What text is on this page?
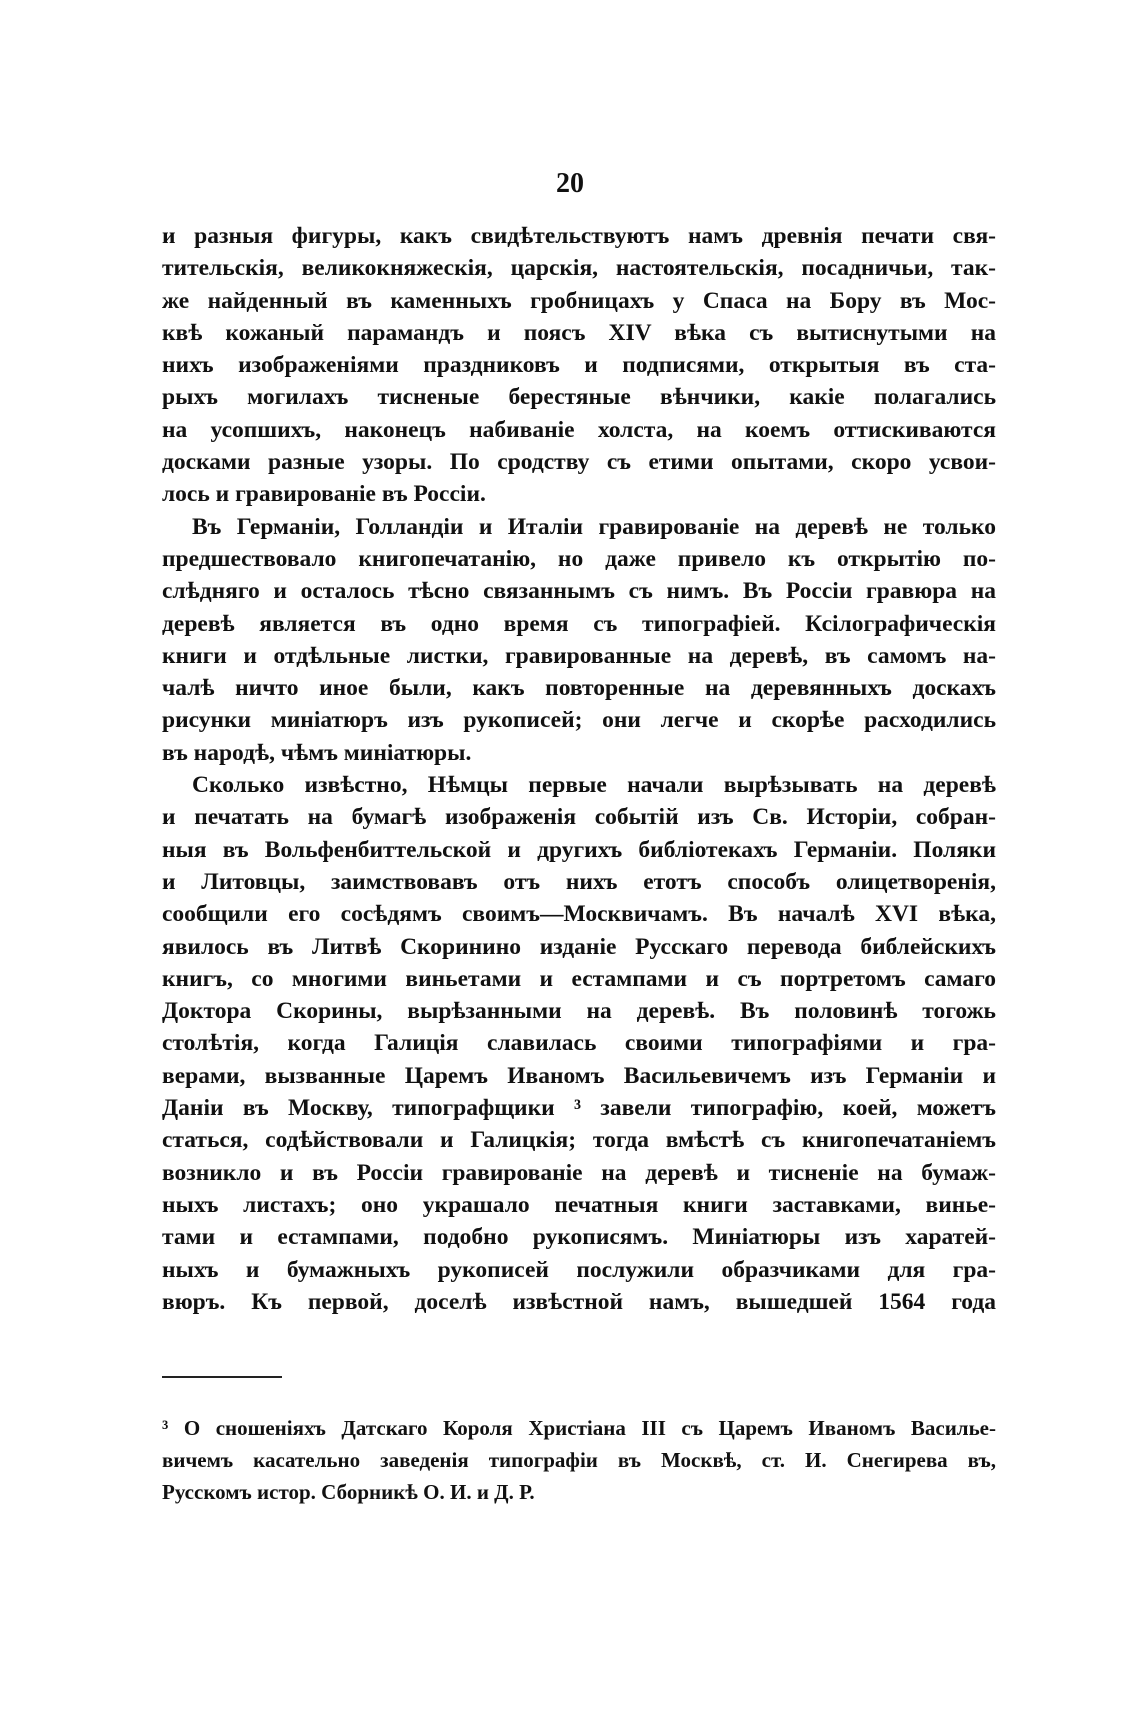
20
и разныя фигуры, какъ свидѣтельствуютъ намъ древнія печати свя-
тительскія, великокняжескія, царскія, настоятельскія, посадничьи, так-
же найденный въ каменныхъ гробницахъ у Спаса на Бору въ Мос-
квѣ кожаный парамандъ и поясъ XIV вѣка съ вытиснутыми на
нихъ изображеніями праздниковъ и подписями, открытыя въ ста-
рыхъ могилахъ тисненые берестяные вѣнчики, какіе полагались
на усопшихъ, наконецъ набиваніе холста, на коемъ оттискиваются
досками разные узоры. По сродству съ етими опытами, скоро усвои-
лось и гравированіе въ Россіи.
Въ Германіи, Голландіи и Италіи гравированіе на деревѣ не только
предшествовало книгопечатанію, но даже привело къ открытію по-
слѣдняго и осталось тѣсно связаннымъ съ нимъ. Въ Россіи гравюра на
деревѣ является въ одно время съ типографіей. Ксілографическія
книги и отдѣльные листки, гравированные на деревѣ, въ самомъ на-
чалѣ ничто иное были, какъ повторенные на деревянныхъ доскахъ
рисунки миніатюръ изъ рукописей; они легче и скорѣе расходились
въ народѣ, чѣмъ миніатюры.
Сколько извѣстно, Нѣмцы первые начали вырѣзывать на деревѣ
и печатать на бумагѣ изображенія событій изъ Св. Исторіи, собран-
ныя въ Вольфенбиттельской и другихъ библіотекахъ Германіи. Поляки
и Литовцы, заимствовавъ отъ нихъ етотъ способъ олицетворенія,
сообщили его сосѣдямъ своимъ—Москвичамъ. Въ началѣ XVI вѣка,
явилось въ Литвѣ Скоринино изданіе Русскаго перевода библейскихъ
книгъ, со многими виньетами и естампами и съ портретомъ самаго
Доктора Скорины, вырѣзанными на деревѣ. Въ половинѣ тогожь
столѣтія, когда Галиція славилась своими типографіями и гра-
верами, вызванные Царемъ Иваномъ Васильевичемъ изъ Германіи и
Даніи въ Москву, типографщики ³ завели типографію, коей, можетъ
статься, содѣйствовали и Галицкія; тогда вмѣстѣ съ книгопечатаніемъ
возникло и въ Россіи гравированіе на деревѣ и тисненіе на бумаж-
ныхъ листахъ; оно украшало печатныя книги заставками, винье-
тами и естампами, подобно рукописямъ. Миніатюры изъ харатей-
ныхъ и бумажныхъ рукописей послужили образчиками для гра-
вюръ. Къ первой, доселѣ извѣстной намъ, вышедшей 1564 года
³ О сношеніяхъ Датскаго Короля Христіана III съ Царемъ Иваномъ Василье-
вичемъ касательно заведенія типографіи въ Москвѣ, ст. И. Снегирева въ,
Русскомъ истор. Сборникѣ О. И. и Д. Р.
